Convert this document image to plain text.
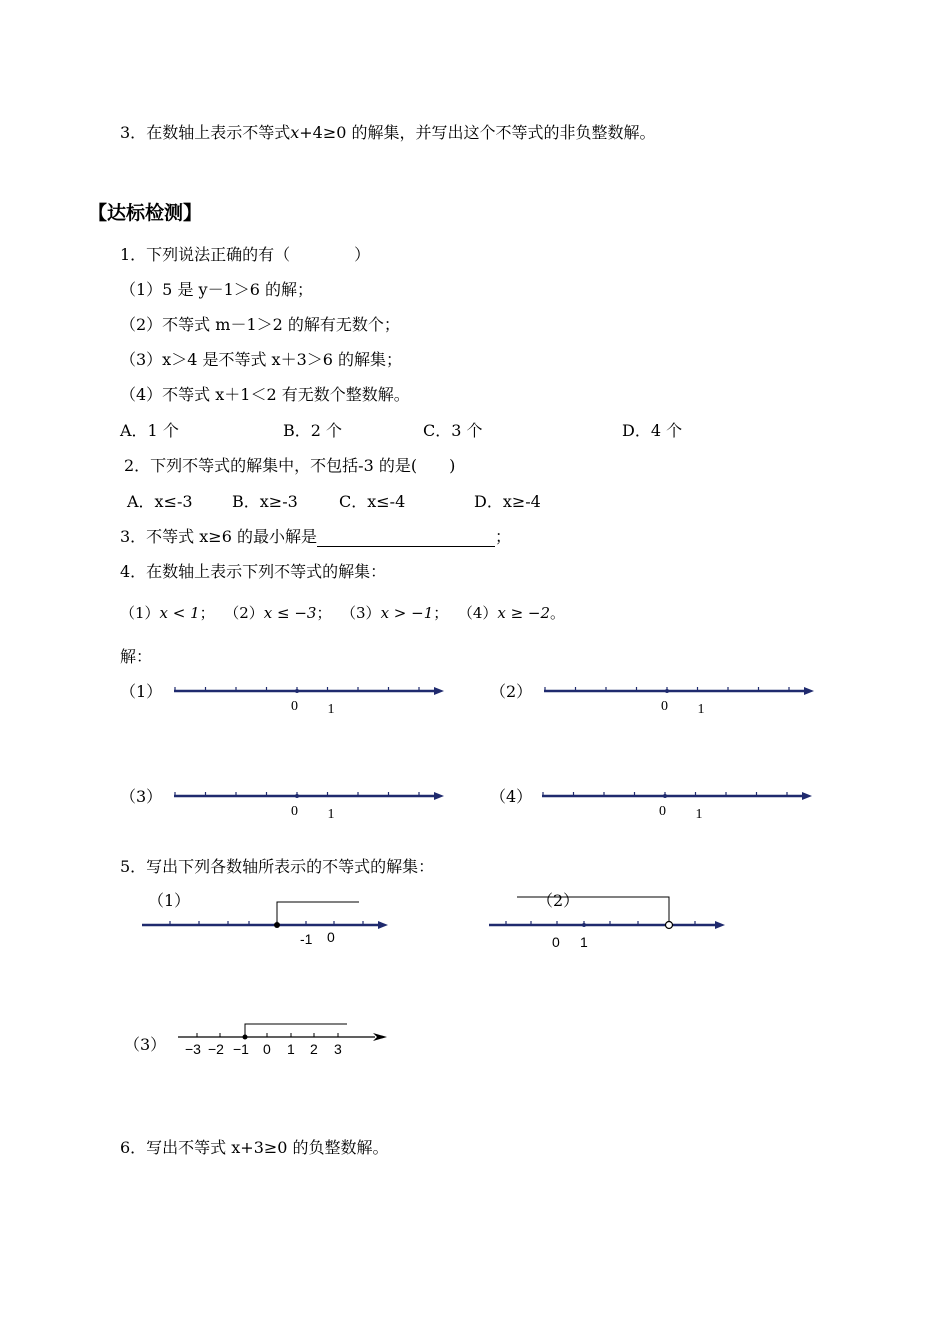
3．在数轴上表示不等式x+4≥0 的解集，并写出这个不等式的非负整数解。
【达标检测】
1．下列说法正确的有（　　　　）
（1）5 是 y－1＞6 的解；
（2）不等式 m－1＞2 的解有无数个；
（3）x＞4 是不等式 x＋3＞6 的解集；
（4）不等式 x＋1＜2 有无数个整数解。
A．1 个	B．2 个	C．3 个	D．4 个
2．下列不等式的解集中，不包括-3 的是(　　)
A．x≤-3 B．x≥-3	C．x≤-4	D．x≥-4
3．不等式 x≥6 的最小解是	；
4．在数轴上表示下列不等式的解集：
（1）x < 1； （2）x ≤ −3； （3）x > −1； （4）x ≥ −2。
解：
（1）	（2）
（3）	（4）
0 1	0 1
0 1	0 1
5．写出下列各数轴所表示的不等式的解集：
（1）
-1 0
（2）
0 1
（3） −3 −2 −1 0 1 2 3
6．写出不等式 x+3≥0 的负整数解。
